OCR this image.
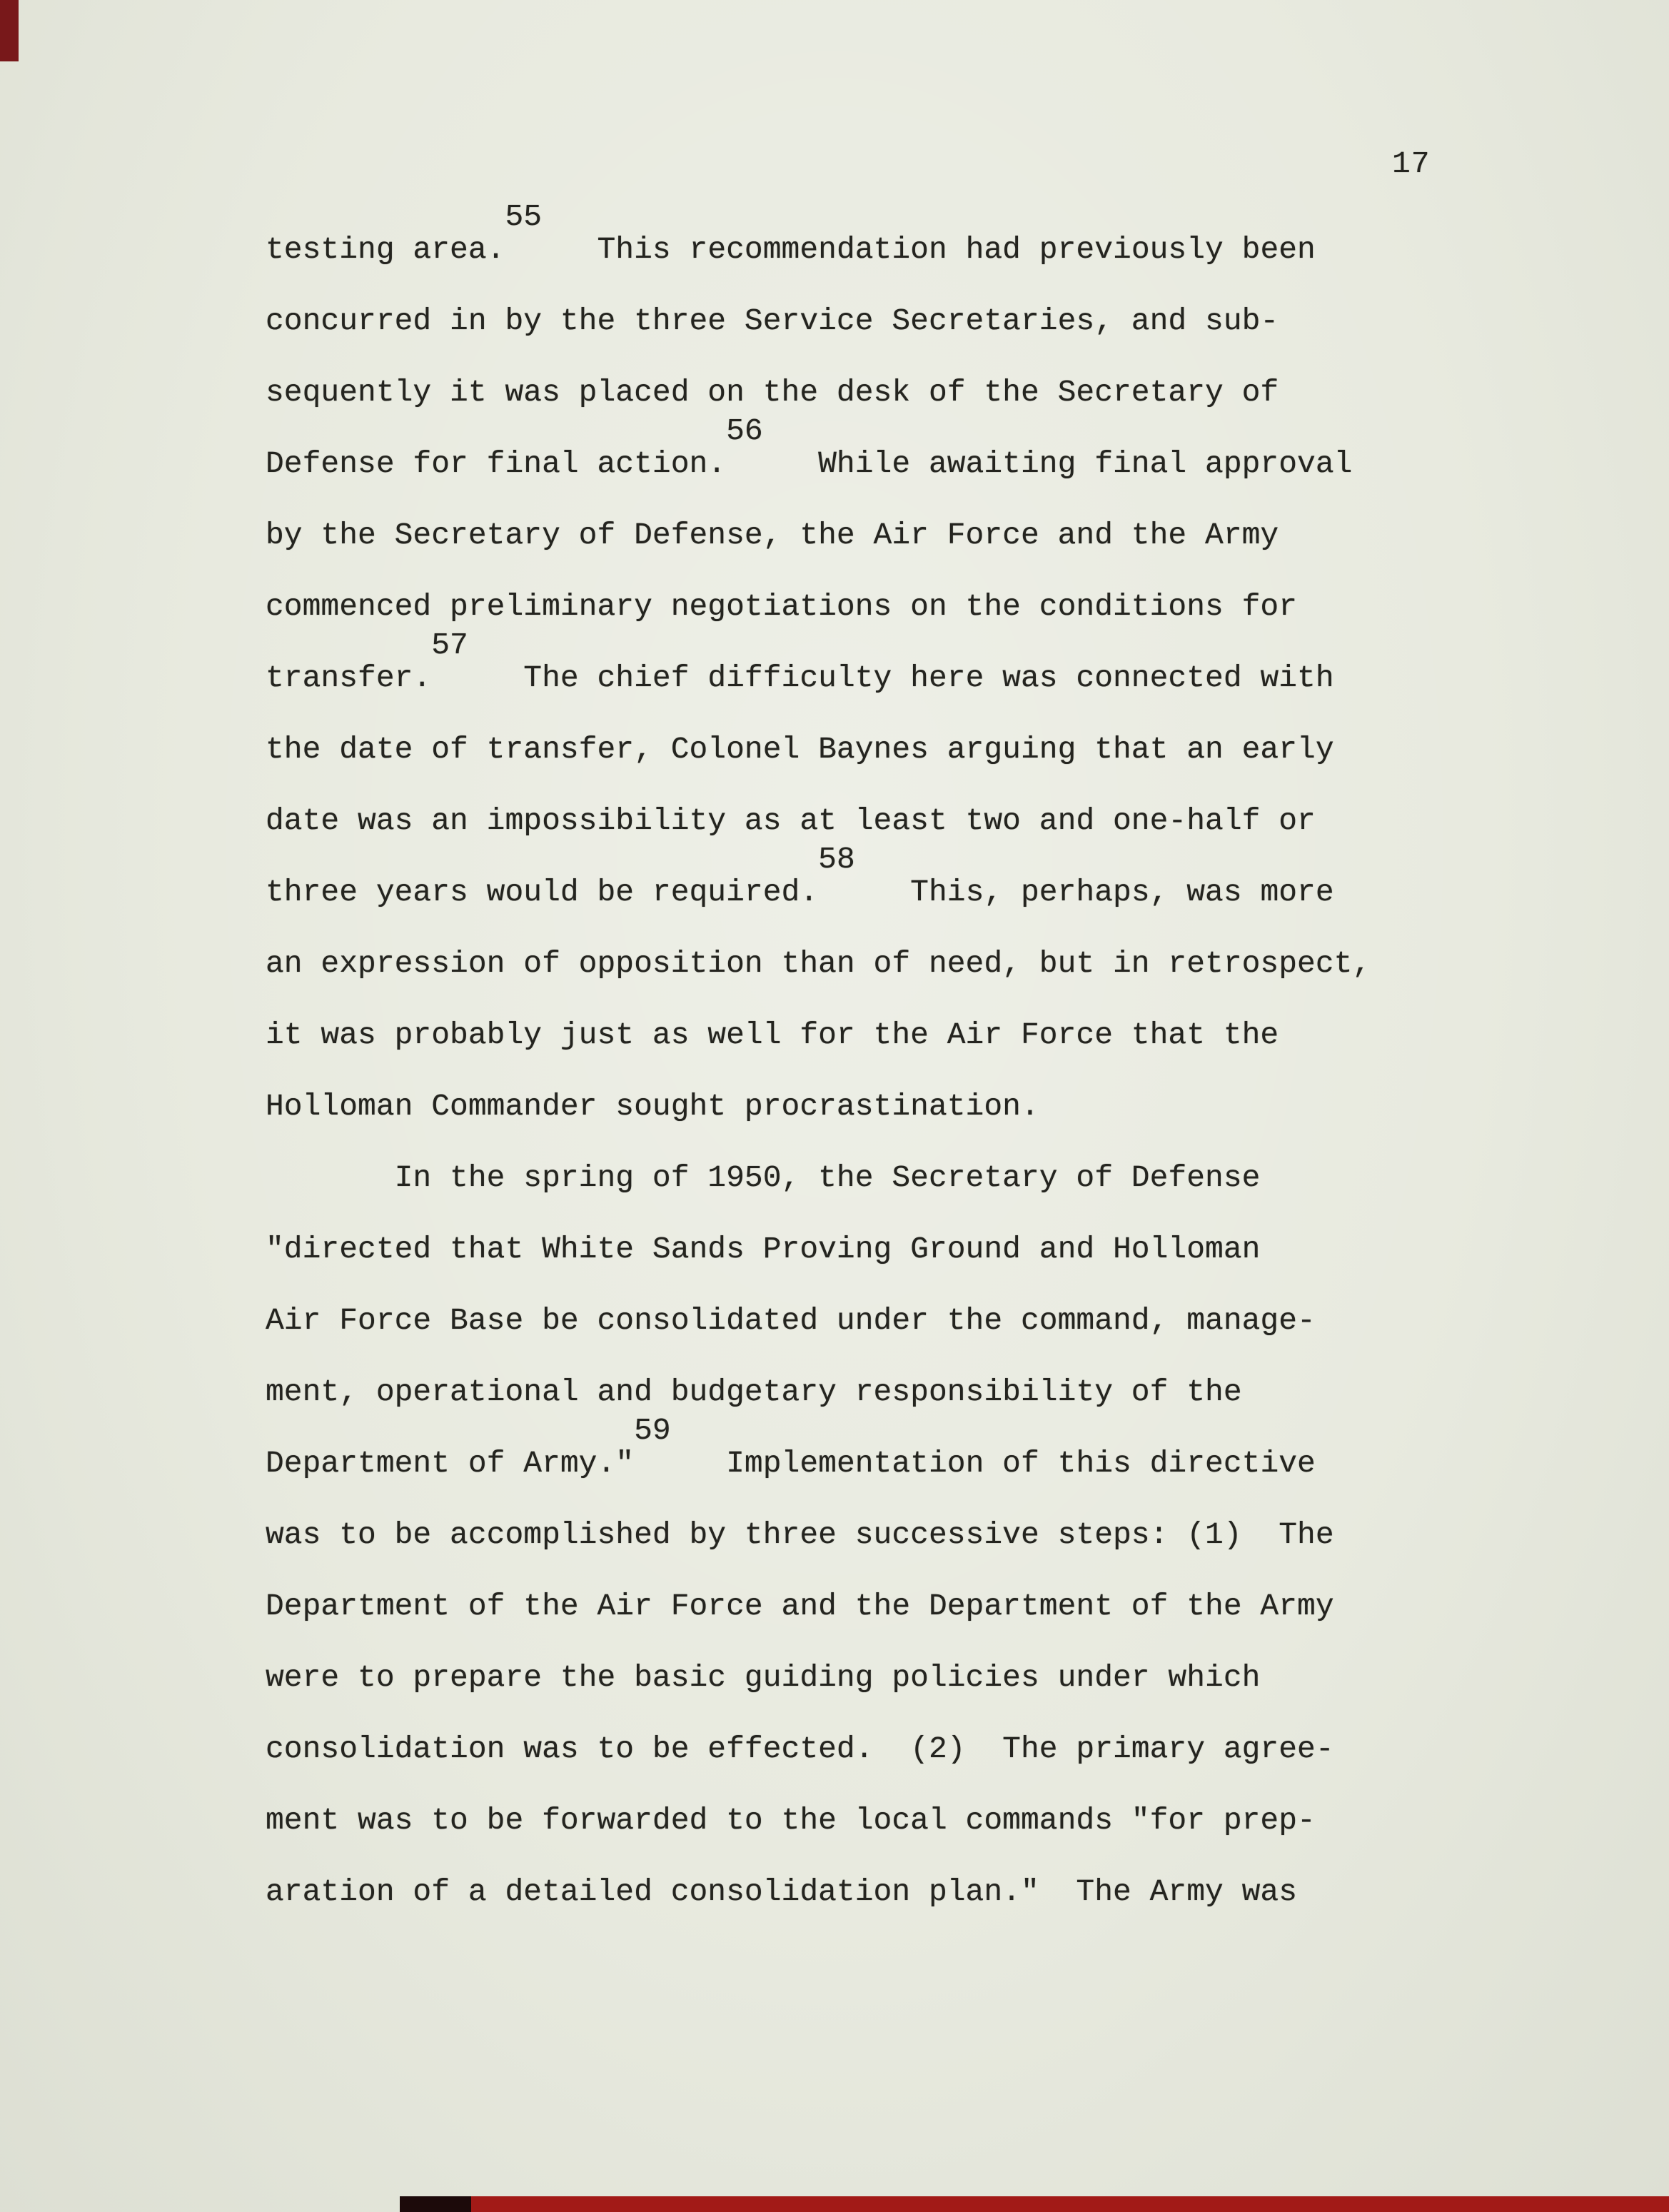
17
testing area.55   This recommendation had previously been
concurred in by the three Service Secretaries, and sub-
sequently it was placed on the desk of the Secretary of
Defense for final action.56   While awaiting final approval
by the Secretary of Defense, the Air Force and the Army
commenced preliminary negotiations on the conditions for
transfer.57   The chief difficulty here was connected with
the date of transfer, Colonel Baynes arguing that an early
date was an impossibility as at least two and one-half or
three years would be required.58   This, perhaps, was more
an expression of opposition than of need, but in retrospect,
it was probably just as well for the Air Force that the
Holloman Commander sought procrastination.
In the spring of 1950, the Secretary of Defense
"directed that White Sands Proving Ground and Holloman
Air Force Base be consolidated under the command, manage-
ment, operational and budgetary responsibility of the
Department of Army."59   Implementation of this directive
was to be accomplished by three successive steps: (1)  The
Department of the Air Force and the Department of the Army
were to prepare the basic guiding policies under which
consolidation was to be effected.  (2)  The primary agree-
ment was to be forwarded to the local commands "for prep-
aration of a detailed consolidation plan."  The Army was
